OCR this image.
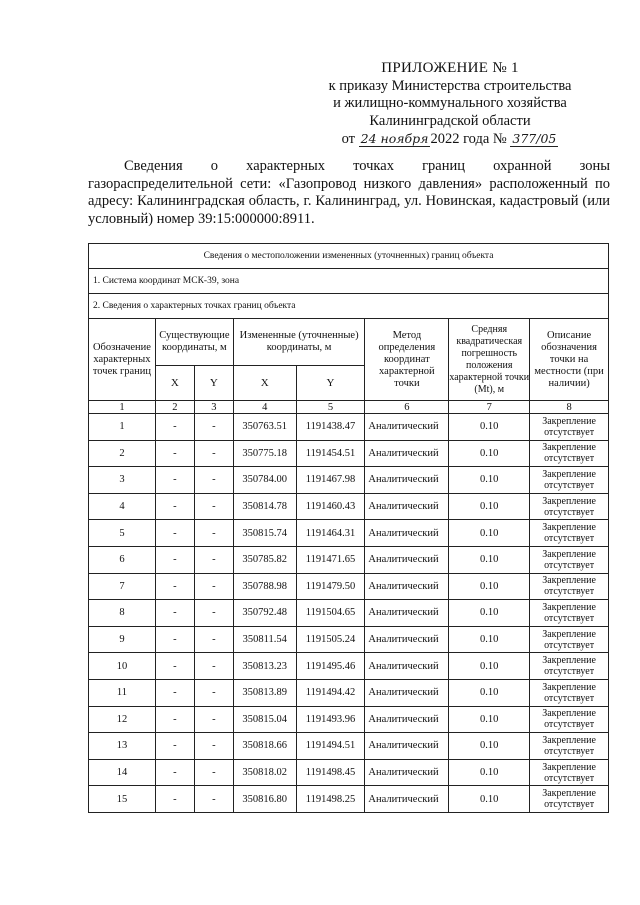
ПРИЛОЖЕНИЕ № 1
к приказу Министерства строительства
и жилищно-коммунального хозяйства
Калининградской области
от 24 ноября 2022 года № 377/05
Сведения о характерных точках границ охранной зоны газораспределительной сети: «Газопровод низкого давления» расположенный по адресу: Калининградская область, г. Калининград, ул. Новинская, кадастровый (или условный) номер 39:15:000000:8911.
Сведения о местоположении измененных (уточненных) границ объекта							
1. Система координат МСК-39, зона							
2. Сведения о характерных точках границ объекта							
Обозначение характерных точек границ	Существующие координаты, м		Измененные (уточненные) координаты, м		Метод определения координат характерной точки	Средняя квадратическая погрешность положения характерной точки (Mt), м	Описание обозначения точки на местности (при наличии)
	X	Y	X	Y			
1	2	3	4	5	6	7	8
1	-	-	350763.51	1191438.47	Аналитический	0.10	Закрепление отсутствует
2	-	-	350775.18	1191454.51	Аналитический	0.10	Закрепление отсутствует
3	-	-	350784.00	1191467.98	Аналитический	0.10	Закрепление отсутствует
4	-	-	350814.78	1191460.43	Аналитический	0.10	Закрепление отсутствует
5	-	-	350815.74	1191464.31	Аналитический	0.10	Закрепление отсутствует
6	-	-	350785.82	1191471.65	Аналитический	0.10	Закрепление отсутствует
7	-	-	350788.98	1191479.50	Аналитический	0.10	Закрепление отсутствует
8	-	-	350792.48	1191504.65	Аналитический	0.10	Закрепление отсутствует
9	-	-	350811.54	1191505.24	Аналитический	0.10	Закрепление отсутствует
10	-	-	350813.23	1191495.46	Аналитический	0.10	Закрепление отсутствует
11	-	-	350813.89	1191494.42	Аналитический	0.10	Закрепление отсутствует
12	-	-	350815.04	1191493.96	Аналитический	0.10	Закрепление отсутствует
13	-	-	350818.66	1191494.51	Аналитический	0.10	Закрепление отсутствует
14	-	-	350818.02	1191498.45	Аналитический	0.10	Закрепление отсутствует
15	-	-	350816.80	1191498.25	Аналитический	0.10	Закрепление отсутствует
